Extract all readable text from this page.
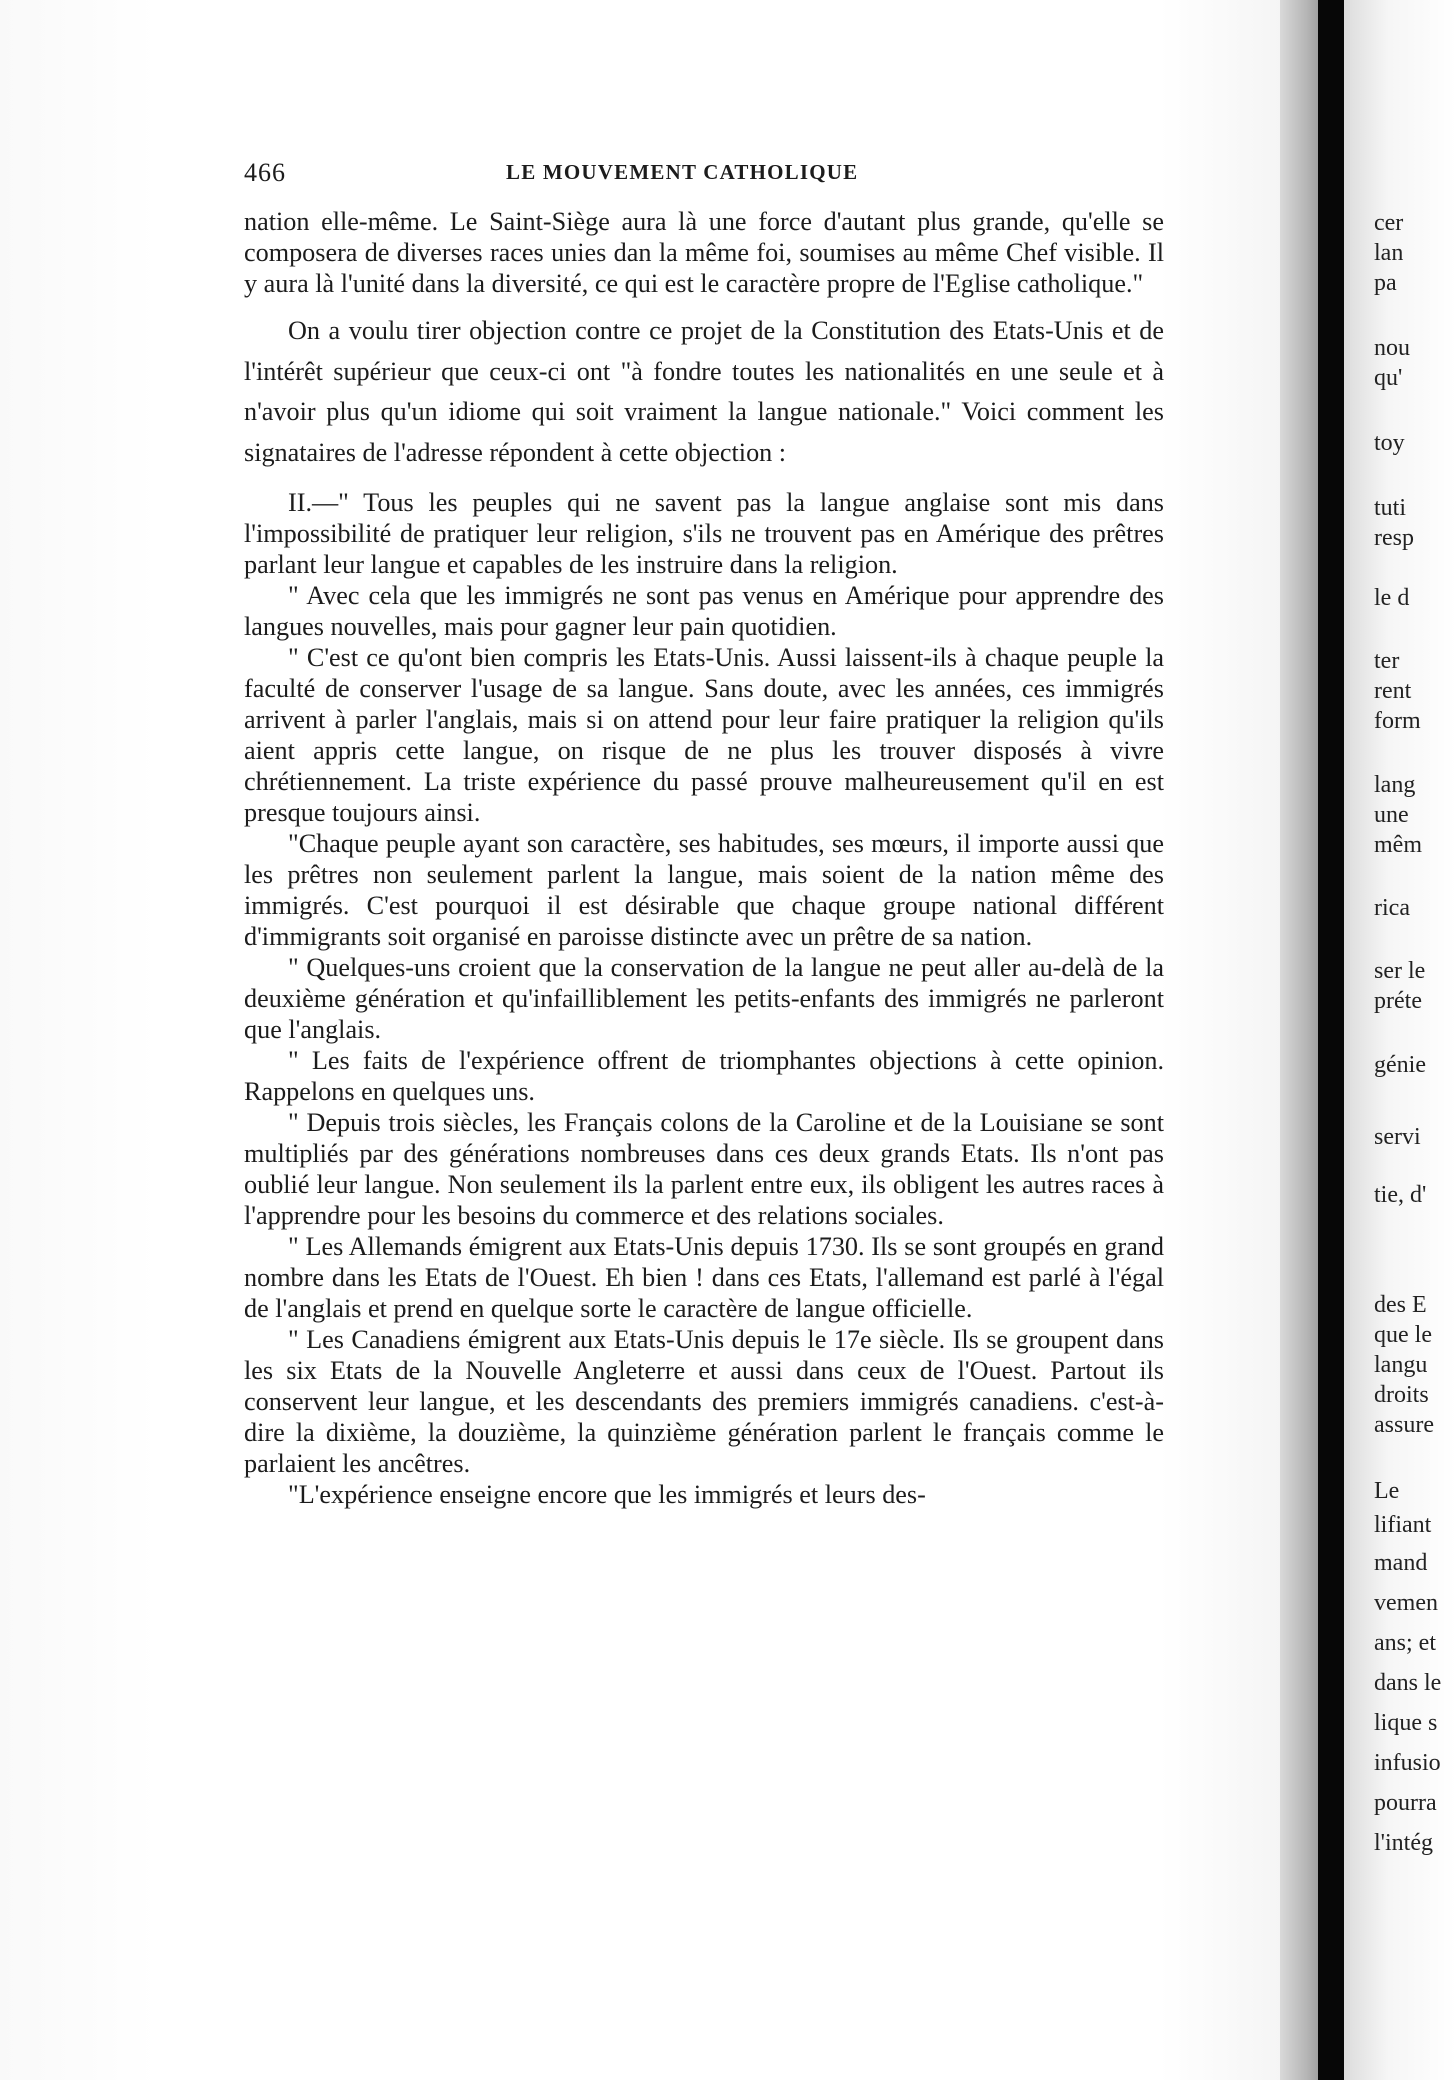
466	LE MOUVEMENT CATHOLIQUE

nation elle-même. Le Saint-Siège aura là une force d'autant plus grande, qu'elle se composera de diverses races unies dan la même foi, soumises au même Chef visible. Il y aura là l'unité dans la diversité, ce qui est le caractère propre de l'Eglise catholique."

On a voulu tirer objection contre ce projet de la Constitution des Etats-Unis et de l'intérêt supérieur que ceux-ci ont "à fondre toutes les nationalités en une seule et à n'avoir plus qu'un idiome qui soit vraiment la langue nationale." Voici comment les signataires de l'adresse répondent à cette objection :

II.—" Tous les peuples qui ne savent pas la langue anglaise sont mis dans l'impossibilité de pratiquer leur religion, s'ils ne trouvent pas en Amérique des prêtres parlant leur langue et capables de les instruire dans la religion.

" Avec cela que les immigrés ne sont pas venus en Amérique pour apprendre des langues nouvelles, mais pour gagner leur pain quotidien.

" C'est ce qu'ont bien compris les Etats-Unis. Aussi laissent-ils à chaque peuple la faculté de conserver l'usage de sa langue. Sans doute, avec les années, ces immigrés arrivent à parler l'anglais, mais si on attend pour leur faire pratiquer la religion qu'ils aient appris cette langue, on risque de ne plus les trouver disposés à vivre chrétiennement. La triste expérience du passé prouve malheureusement qu'il en est presque toujours ainsi.

"Chaque peuple ayant son caractère, ses habitudes, ses mœurs, il importe aussi que les prêtres non seulement parlent la langue, mais soient de la nation même des immigrés. C'est pourquoi il est désirable que chaque groupe national différent d'immigrants soit organisé en paroisse distincte avec un prêtre de sa nation.

" Quelques-uns croient que la conservation de la langue ne peut aller au-delà de la deuxième génération et qu'infailliblement les petits-enfants des immigrés ne parleront que l'anglais.

" Les faits de l'expérience offrent de triomphantes objections à cette opinion. Rappelons en quelques uns.

" Depuis trois siècles, les Français colons de la Caroline et de la Louisiane se sont multipliés par des générations nombreuses dans ces deux grands Etats. Ils n'ont pas oublié leur langue. Non seulement ils la parlent entre eux, ils obligent les autres races à l'apprendre pour les besoins du commerce et des relations sociales.

" Les Allemands émigrent aux Etats-Unis depuis 1730. Ils se sont groupés en grand nombre dans les Etats de l'Ouest. Eh bien ! dans ces Etats, l'allemand est parlé à l'égal de l'anglais et prend en quelque sorte le caractère de langue officielle.

" Les Canadiens émigrent aux Etats-Unis depuis le 17e siècle. Ils se groupent dans les six Etats de la Nouvelle Angleterre et aussi dans ceux de l'Ouest. Partout ils conservent leur langue, et les descendants des premiers immigrés canadiens. c'est-à-dire la dixième, la douzième, la quinzième génération parlent le français comme le parlaient les ancêtres.

"L'expérience enseigne encore que les immigrés et leurs des-

cer
lan
pa
nou
qu'
toy
tuti
resp
le d
ter
rent
form
lang
une
mêm
rica
ser le
préte
génie
servi
tie, d'
des E
que le
langu
droits
assure
Le
lifiant
mand
vemen
ans; et
dans le
lique s
infusio
pourra
l'intég
